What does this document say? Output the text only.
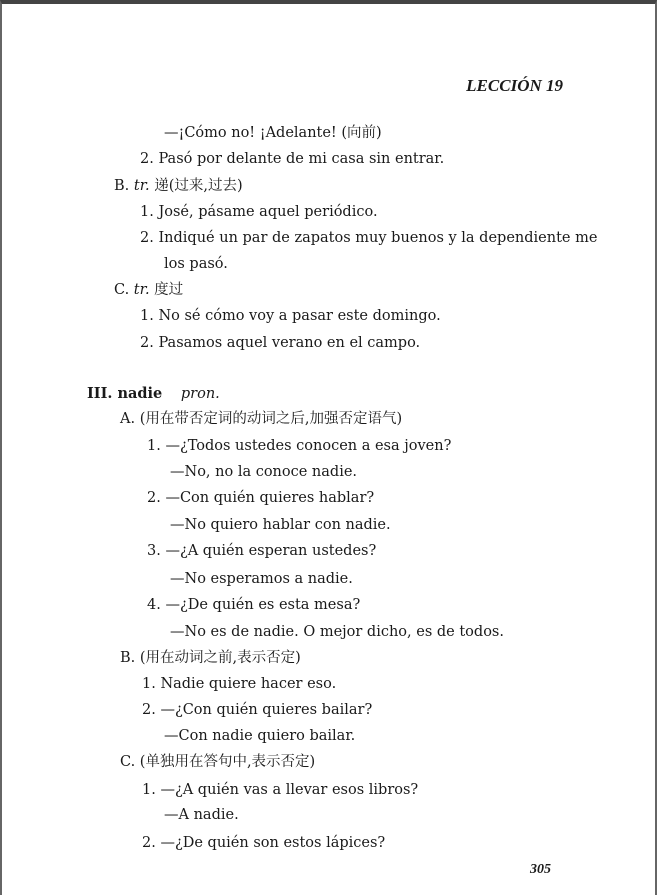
LECCIÓN 19
—¡Cómo no! ¡Adelante! (向前)
2. Pasó por delante de mi casa sin entrar.
B. tr. 递(过来,过去)
1. José, pásame aquel periódico.
2. Indiqué un par de zapatos muy buenos y la dependiente me
los pasó.
C. tr. 度过
1. No sé cómo voy a pasar este domingo.
2. Pasamos aquel verano en el campo.
III. nadie pron.
A. (用在带否定词的动词之后,加强否定语气)
1. —¿Todos ustedes conocen a esa joven?
—No, no la conoce nadie.
2. —Con quién quieres hablar?
—No quiero hablar con nadie.
3. —¿A quién esperan ustedes?
—No esperamos a nadie.
4. —¿De quién es esta mesa?
—No es de nadie. O mejor dicho, es de todos.
B. (用在动词之前,表示否定)
1. Nadie quiere hacer eso.
2. —¿Con quién quieres bailar?
—Con nadie quiero bailar.
C. (单独用在答句中,表示否定)
1. —¿A quién vas a llevar esos libros?
—A nadie.
2. —¿De quién son estos lápices?
305
